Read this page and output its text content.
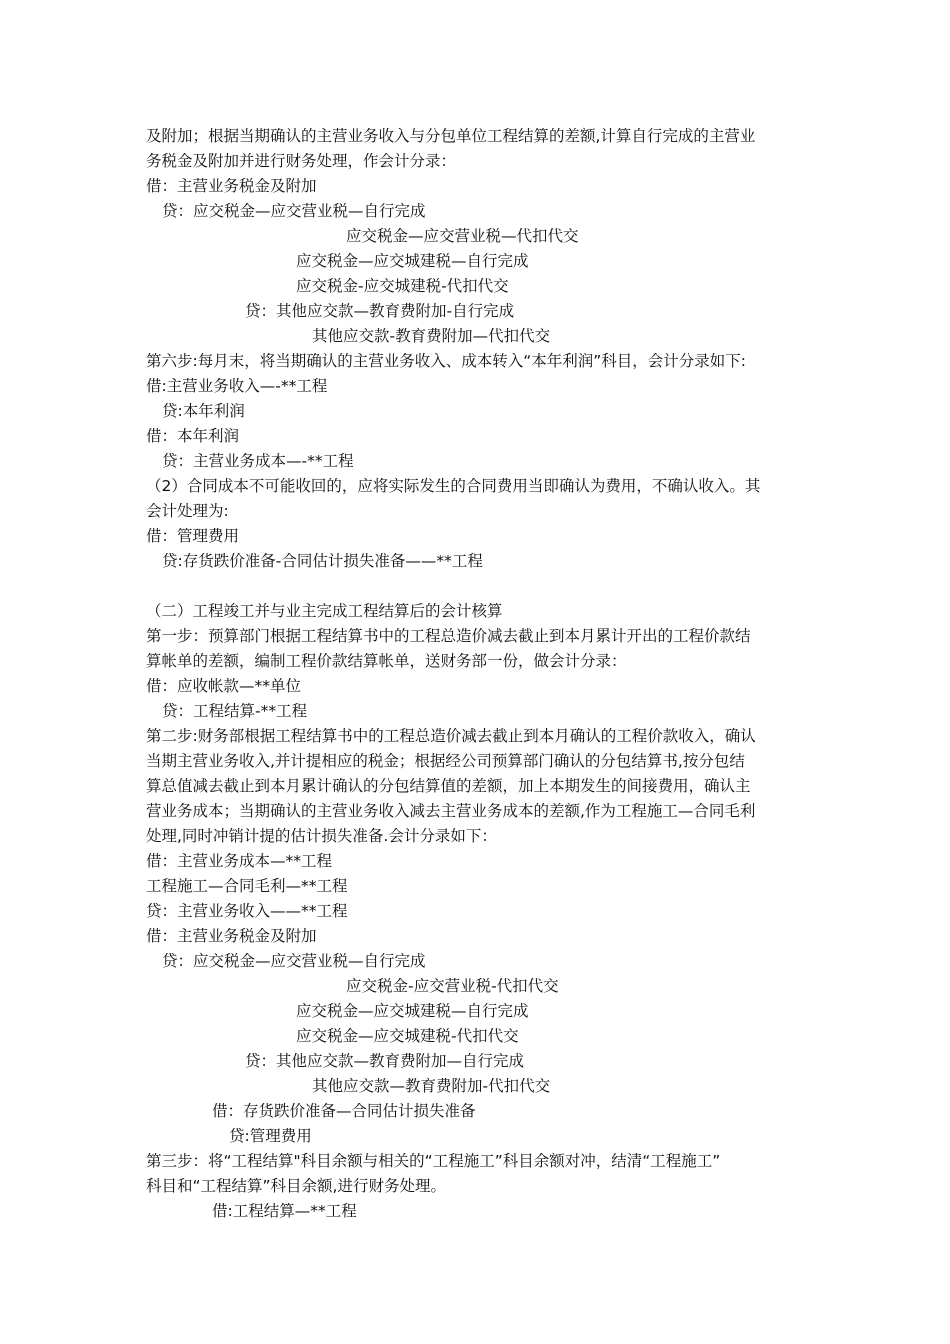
及附加；根据当期确认的主营业务收入与分包单位工程结算的差额,计算自行完成的主营业
务税金及附加并进行财务处理，作会计分录：
借：主营业务税金及附加
贷：应交税金—应交营业税—自行完成
应交税金—应交营业税—代扣代交
应交税金—应交城建税—自行完成
应交税金-应交城建税-代扣代交
贷：其他应交款—教育费附加-自行完成
其他应交款-教育费附加—代扣代交
第六步:每月末，将当期确认的主营业务收入、成本转入“本年利润”科目，会计分录如下:
借:主营业务收入—-**工程
贷:本年利润
借：本年利润
贷：主营业务成本—-**工程
（2）合同成本不可能收回的，应将实际发生的合同费用当即确认为费用，不确认收入。其
会计处理为:
借：管理费用
贷:存货跌价准备-合同估计损失准备——**工程
（二）工程竣工并与业主完成工程结算后的会计核算
第一步：预算部门根据工程结算书中的工程总造价减去截止到本月累计开出的工程价款结
算帐单的差额，编制工程价款结算帐单，送财务部一份，做会计分录：
借：应收帐款—**单位
贷：工程结算-**工程
第二步:财务部根据工程结算书中的工程总造价减去截止到本月确认的工程价款收入，确认
当期主营业务收入,并计提相应的税金；根据经公司预算部门确认的分包结算书,按分包结
算总值减去截止到本月累计确认的分包结算值的差额，加上本期发生的间接费用，确认主
营业务成本；当期确认的主营业务收入减去主营业务成本的差额,作为工程施工—合同毛利
处理,同时冲销计提的估计损失准备.会计分录如下：
借：主营业务成本—**工程
工程施工—合同毛利—**工程
贷：主营业务收入——**工程
借：主营业务税金及附加
贷：应交税金—应交营业税—自行完成
应交税金-应交营业税-代扣代交
应交税金—应交城建税—自行完成
应交税金—应交城建税-代扣代交
贷：其他应交款—教育费附加—自行完成
其他应交款—教育费附加-代扣代交
借：存货跌价准备—合同估计损失准备
贷:管理费用
第三步：将“工程结算"科目余额与相关的“工程施工”科目余额对冲，结清“工程施工”
科目和“工程结算”科目余额,进行财务处理。
借:工程结算—**工程
